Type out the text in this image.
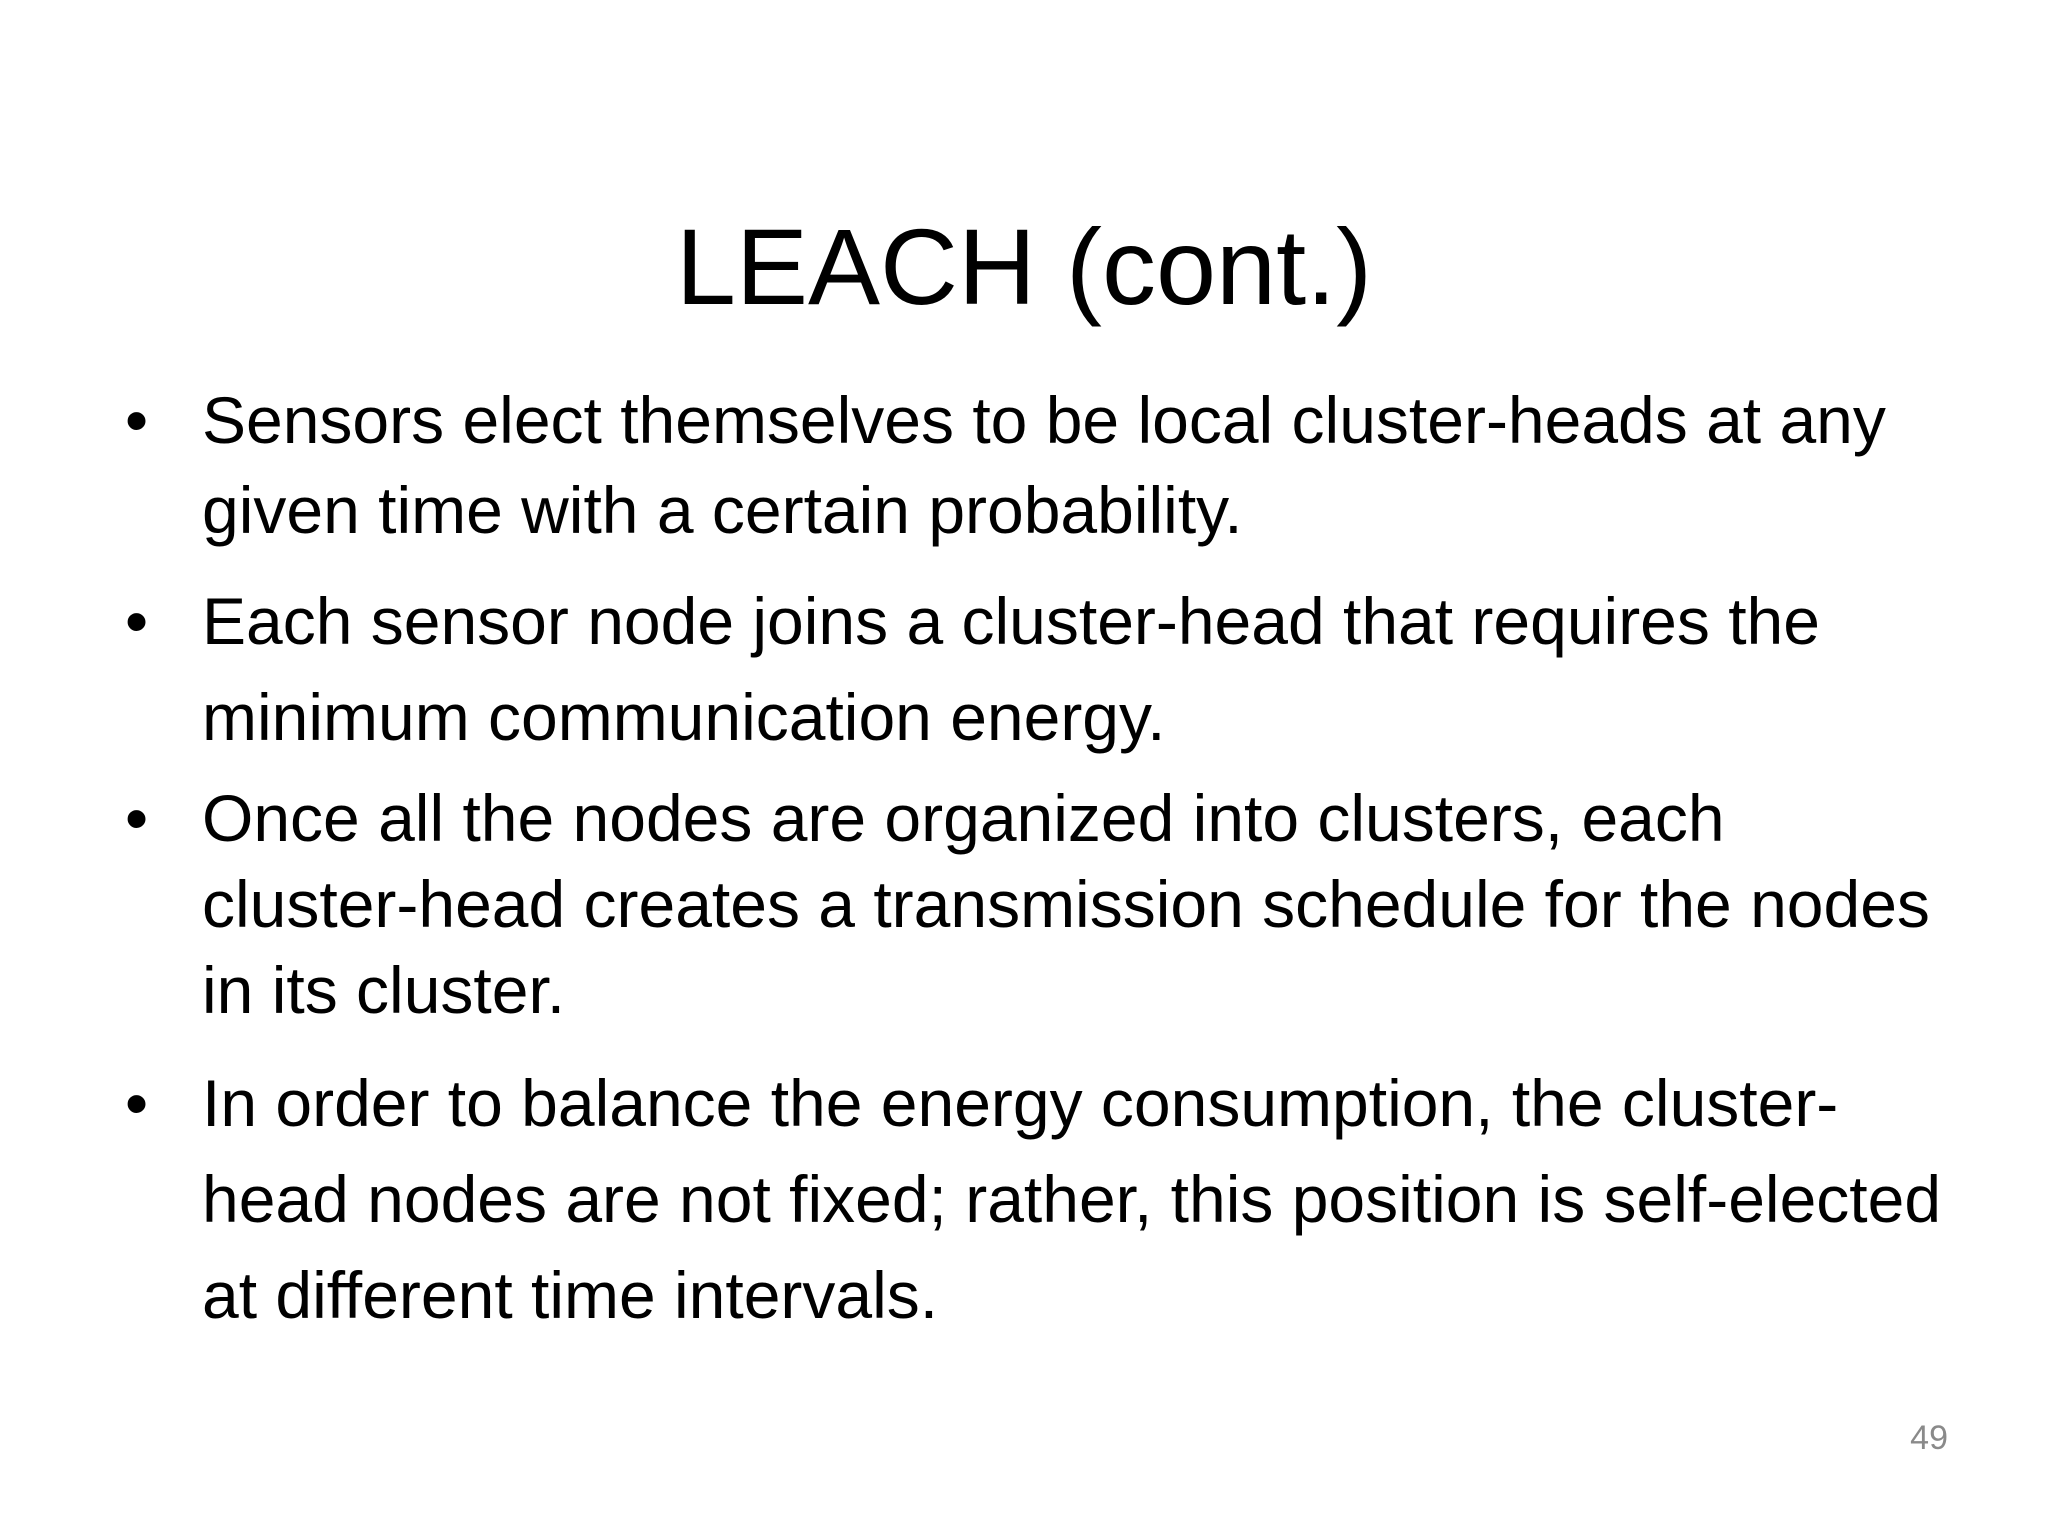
LEACH (cont.)
• Sensors elect themselves to be local cluster-heads at any given time with a certain probability.
• Each sensor node joins a cluster-head that requires the minimum communication energy.
• Once all the nodes are organized into clusters, each cluster-head creates a transmission schedule for the nodes in its cluster.
• In order to balance the energy consumption, the cluster-head nodes are not fixed; rather, this position is self-elected at different time intervals.
49
